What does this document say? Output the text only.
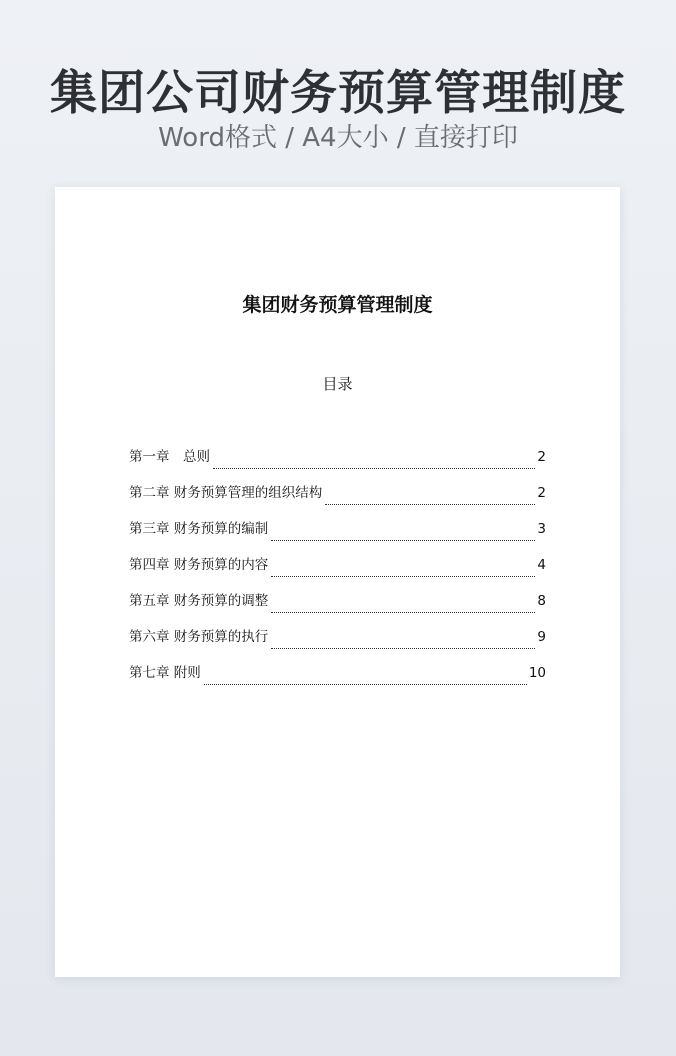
集团公司财务预算管理制度
Word格式 / A4大小 / 直接打印
集团财务预算管理制度
目录
第一章　总则	2
第二章 财务预算管理的组织结构	2
第三章 财务预算的编制	3
第四章 财务预算的内容	4
第五章 财务预算的调整	8
第六章 财务预算的执行	9
第七章 附则	10
